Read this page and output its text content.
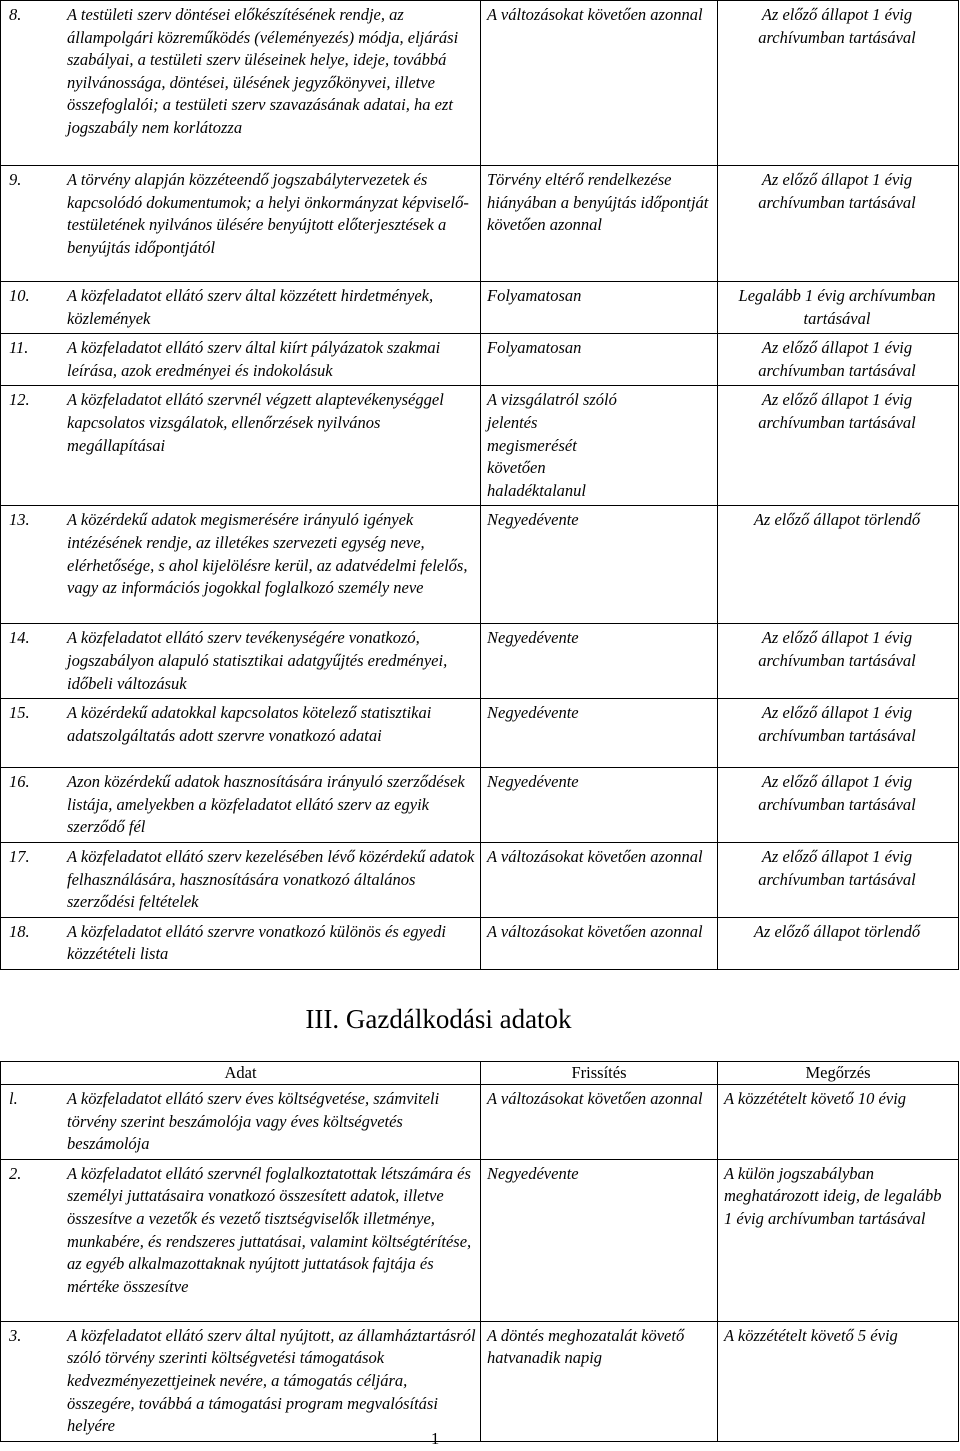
8. A testületi szerv döntései előkészítésének rendje, az állampolgári közreműködés (véleményezés) módja, eljárási szabályai, a testületi szerv üléseinek helye, ideje, továbbá nyilvánossága, döntései, ülésének jegyzőkönyvei, illetve összefoglalói; a testületi szerv szavazásának adatai, ha ezt jogszabály nem korlátozza	A változásokat követően azonnal	Az előző állapot 1 évig archívumban tartásával

9. A törvény alapján közzéteendő jogszabálytervezetek és kapcsolódó dokumentumok; a helyi önkormányzat képviselő-testületének nyilvános ülésére benyújtott előterjesztések a benyújtás időpontjától	Törvény eltérő rendelkezése hiányában a benyújtás időpontját követően azonnal	Az előző állapot 1 évig archívumban tartásával

10. A közfeladatot ellátó szerv által közzétett hirdetmények, közlemények	Folyamatosan	Legalább 1 évig archívumban tartásával

11. A közfeladatot ellátó szerv által kiírt pályázatok szakmai leírása, azok eredményei és indokolásuk	Folyamatosan	Az előző állapot 1 évig archívumban tartásával

12. A közfeladatot ellátó szervnél végzett alaptevékenységgel kapcsolatos vizsgálatok, ellenőrzések nyilvános megállapításai	A vizsgálatról szóló jelentés megismerését követően haladéktalanul	Az előző állapot 1 évig archívumban tartásával

13. A közérdekű adatok megismerésére irányuló igények intézésének rendje, az illetékes szervezeti egység neve, elérhetősége, s ahol kijelölésre kerül, az adatvédelmi felelős, vagy az információs jogokkal foglalkozó személy neve	Negyedévente	Az előző állapot törlendő

14. A közfeladatot ellátó szerv tevékenységére vonatkozó, jogszabályon alapuló statisztikai adatgyűjtés eredményei, időbeli változásuk	Negyedévente	Az előző állapot 1 évig archívumban tartásával

15. A közérdekű adatokkal kapcsolatos kötelező statisztikai adatszolgáltatás adott szervre vonatkozó adatai	Negyedévente	Az előző állapot 1 évig archívumban tartásával

16. Azon közérdekű adatok hasznosítására irányuló szerződések listája, amelyekben a közfeladatot ellátó szerv az egyik szerződő fél	Negyedévente	Az előző állapot 1 évig archívumban tartásával

17. A közfeladatot ellátó szerv kezelésében lévő közérdekű adatok felhasználására, hasznosítására vonatkozó általános szerződési feltételek	A változásokat követően azonnal	Az előző állapot 1 évig archívumban tartásával

18. A közfeladatot ellátó szervre vonatkozó különös és egyedi közzétételi lista	A változásokat követően azonnal	Az előző állapot törlendő
III. Gazdálkodási adatok
Adat	Frissítés	Megőrzés

l. A közfeladatot ellátó szerv éves költségvetése, számviteli törvény szerint beszámolója vagy éves költségvetés beszámolója	A változásokat követően azonnal	A közzétételt követő 10 évig

2. A közfeladatot ellátó szervnél foglalkoztatottak létszámára és személyi juttatásaira vonatkozó összesített adatok, illetve összesítve a vezetők és vezető tisztségviselők illetménye, munkabére, és rendszeres juttatásai, valamint költségtérítése, az egyéb alkalmazottaknak nyújtott juttatások fajtája és mértéke összesítve	Negyedévente	A külön jogszabályban meghatározott ideig, de legalább 1 évig archívumban tartásával

3. A közfeladatot ellátó szerv által nyújtott, az államháztartásról szóló törvény szerinti költségvetési támogatások kedvezményezettjeinek nevére, a támogatás céljára, összegére, továbbá a támogatási program megvalósítási helyére	A döntés meghozatalát követő hatvanadik napig	A közzétételt követő 5 évig
1
